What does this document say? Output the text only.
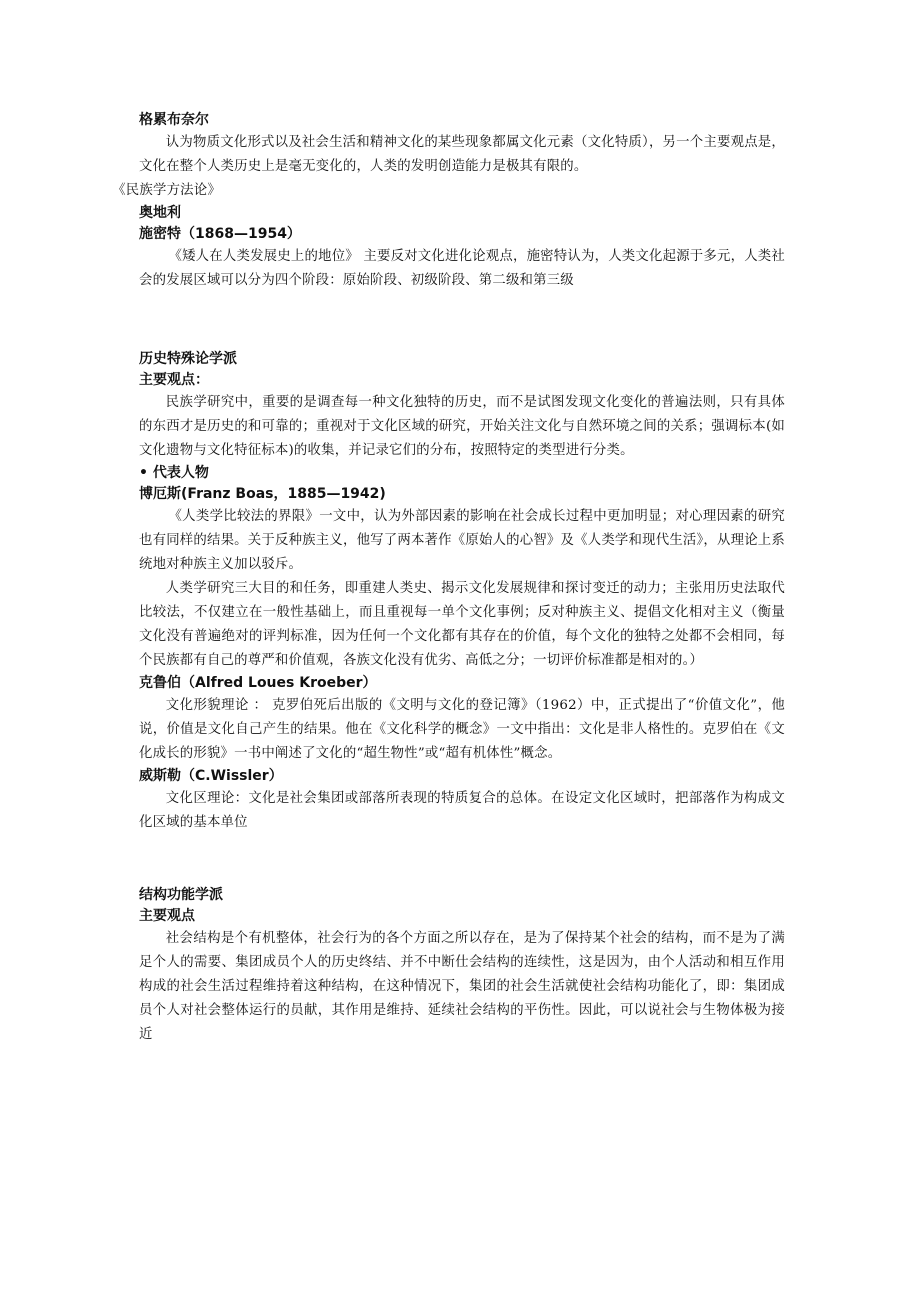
格累布奈尔

认为物质文化形式以及社会生活和精神文化的某些现象都属文化元素（文化特质），另一个主要观点是，文化在整个人类历史上是毫无变化的，人类的发明创造能力是极其有限的。
《民族学方法论》

奥地利

施密特（1868—1954）

《矮人在人类发展史上的地位》 主要反对文化进化论观点，施密特认为，人类文化起源于多元，人类社会的发展区域可以分为四个阶段：原始阶段、初级阶段、第二级和第三级

历史特殊论学派

主要观点：

民族学研究中，重要的是调查每一种文化独特的历史，而不是试图发现文化变化的普遍法则，只有具体的东西才是历史的和可靠的；重视对于文化区域的研究，开始关注文化与自然环境之间的关系；强调标本(如文化遗物与文化特征标本)的收集，并记录它们的分布，按照特定的类型进行分类。

• 代表人物

博厄斯(Franz Boas，1885—1942)

《人类学比较法的界限》一文中，认为外部因素的影响在社会成长过程中更加明显；对心理因素的研究也有同样的结果。关于反种族主义，他写了两本著作《原始人的心智》及《人类学和现代生活》，从理论上系统地对种族主义加以驳斥。

人类学研究三大目的和任务，即重建人类史、揭示文化发展规律和探讨变迁的动力；主张用历史法取代比较法，不仅建立在一般性基础上，而且重视每一单个文化事例；反对种族主义、提倡文化相对主义（衡量文化没有普遍绝对的评判标准，因为任何一个文化都有其存在的价值，每个文化的独特之处都不会相同，每个民族都有自己的尊严和价值观，各族文化没有优劣、高低之分；一切评价标准都是相对的。）

克鲁伯（Alfred Loues Kroeber）

文化形貌理论 ： 克罗伯死后出版的《文明与文化的登记簿》（1962）中，正式提出了“价值文化”，他说，价值是文化自己产生的结果。他在《文化科学的概念》一文中指出：文化是非人格性的。克罗伯在《文化成长的形貌》一书中阐述了文化的“超生物性”或“超有机体性”概念。

威斯勒（C.Wissler）

文化区理论：文化是社会集团或部落所表现的特质复合的总体。在设定文化区域时，把部落作为构成文化区域的基本单位

结构功能学派

主要观点

社会结构是个有机整体，社会行为的各个方面之所以存在，是为了保持某个社会的结构，而不是为了满足个人的需要、集团成员个人的历史终结、并不中断仕会结构的连续性，这是因为，由个人活动和相互作用构成的社会生活过程维持着这种结构，在这种情况下，集团的社会生活就使社会结构功能化了，即：集团成员个人对社会整体运行的员献，其作用是维持、延续社会结构的平伤性。因此，可以说社会与生物体极为接近
